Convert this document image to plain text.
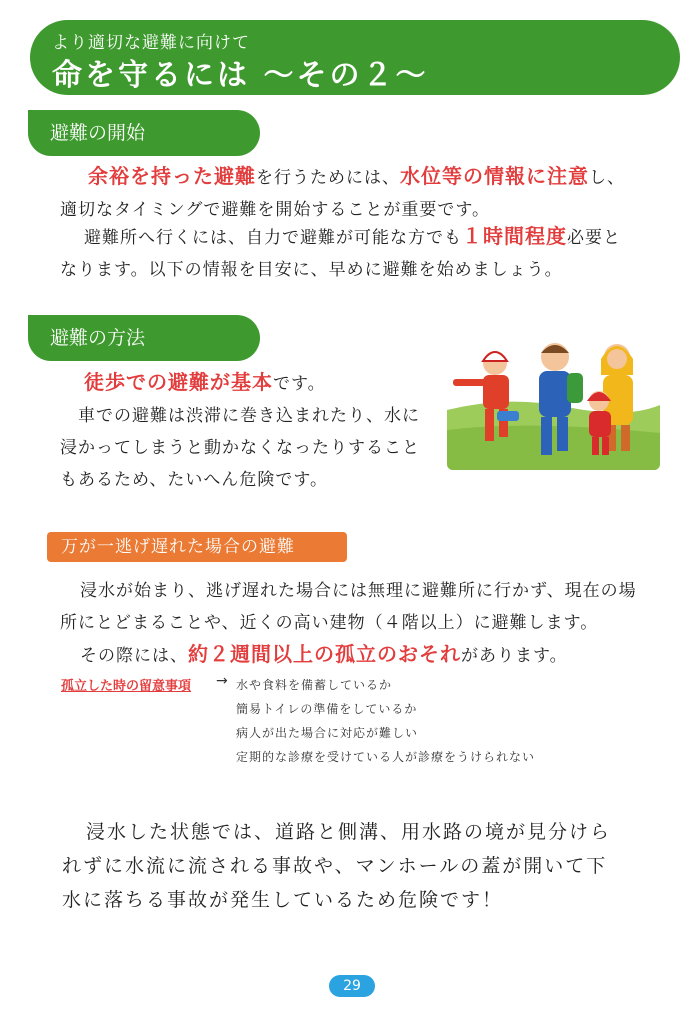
より適切な避難に向けて
命を守るには ～その２～
避難の開始

余裕を持った避難を行うためには、水位等の情報に注意し、
適切なタイミングで避難を開始することが重要です。

避難所へ行くには、自力で避難が可能な方でも１時間程度必要と
なります。以下の情報を目安に、早めに避難を始めましょう。

避難の方法

徒歩での避難が基本です。
車での避難は渋滞に巻き込まれたり、水に
浸かってしまうと動かなくなったりすること
もあるため、たいへん危険です。

万が一逃げ遅れた場合の避難

浸水が始まり、逃げ遅れた場合には無理に避難所に行かず、現在の場
所にとどまることや、近くの高い建物（４階以上）に避難します。

その際には、約２週間以上の孤立のおそれがあります。

孤立した時の留意事項 → 水や食料を備蓄しているか
簡易トイレの準備をしているか
病人が出た場合に対応が難しい
定期的な診療を受けている人が診療をうけられない

浸水した状態では、道路と側溝、用水路の境が見分けら
れずに水流に流される事故や、マンホールの蓋が開いて下
水に落ちる事故が発生しているため危険です！

29
